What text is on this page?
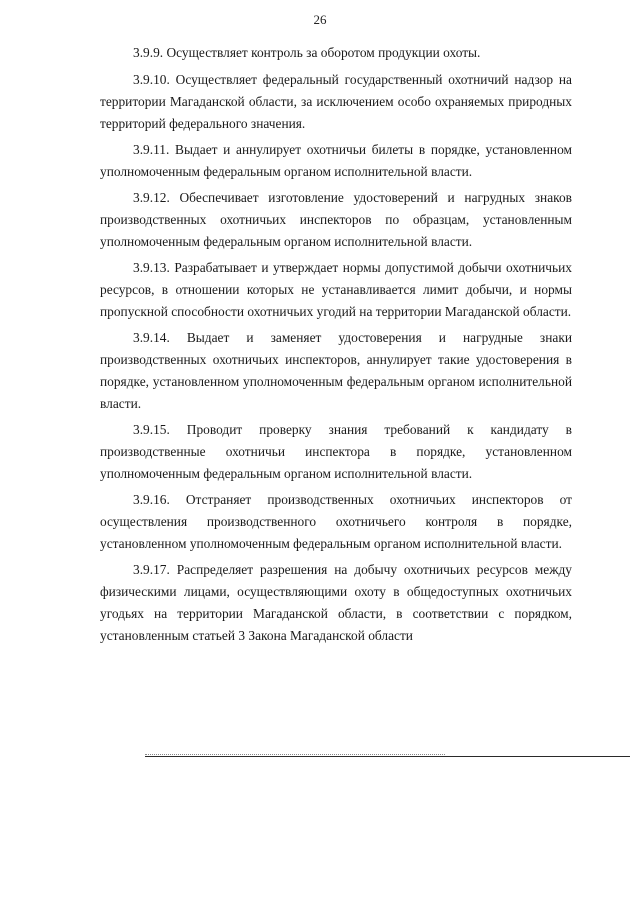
26

3.9.9. Осуществляет контроль за оборотом продукции охоты.

3.9.10. Осуществляет федеральный государственный охотничий надзор на территории Магаданской области, за исключением особо охраняемых природных территорий федерального значения.

3.9.11. Выдает и аннулирует охотничьи билеты в порядке, установленном уполномоченным федеральным органом исполнительной власти.

3.9.12. Обеспечивает изготовление удостоверений и нагрудных знаков производственных охотничьих инспекторов по образцам, установленным уполномоченным федеральным органом исполнительной власти.

3.9.13. Разрабатывает и утверждает нормы допустимой добычи охотничьих ресурсов, в отношении которых не устанавливается лимит добычи, и нормы пропускной способности охотничьих угодий на территории Магаданской области.

3.9.14. Выдает и заменяет удостоверения и нагрудные знаки производственных охотничьих инспекторов, аннулирует такие удостоверения в порядке, установленном уполномоченным федеральным органом исполнительной власти.

3.9.15. Проводит проверку знания требований к кандидату в производственные охотничьи инспектора в порядке, установленном уполномоченным федеральным органом исполнительной власти.

3.9.16. Отстраняет производственных охотничьих инспекторов от осуществления производственного охотничьего контроля в порядке, установленном уполномоченным федеральным органом исполнительной власти.

3.9.17. Распределяет разрешения на добычу охотничьих ресурсов между физическими лицами, осуществляющими охоту в общедоступных охотничьих угодьях на территории Магаданской области, в соответствии с порядком, установленным статьей 3 Закона Магаданской области
